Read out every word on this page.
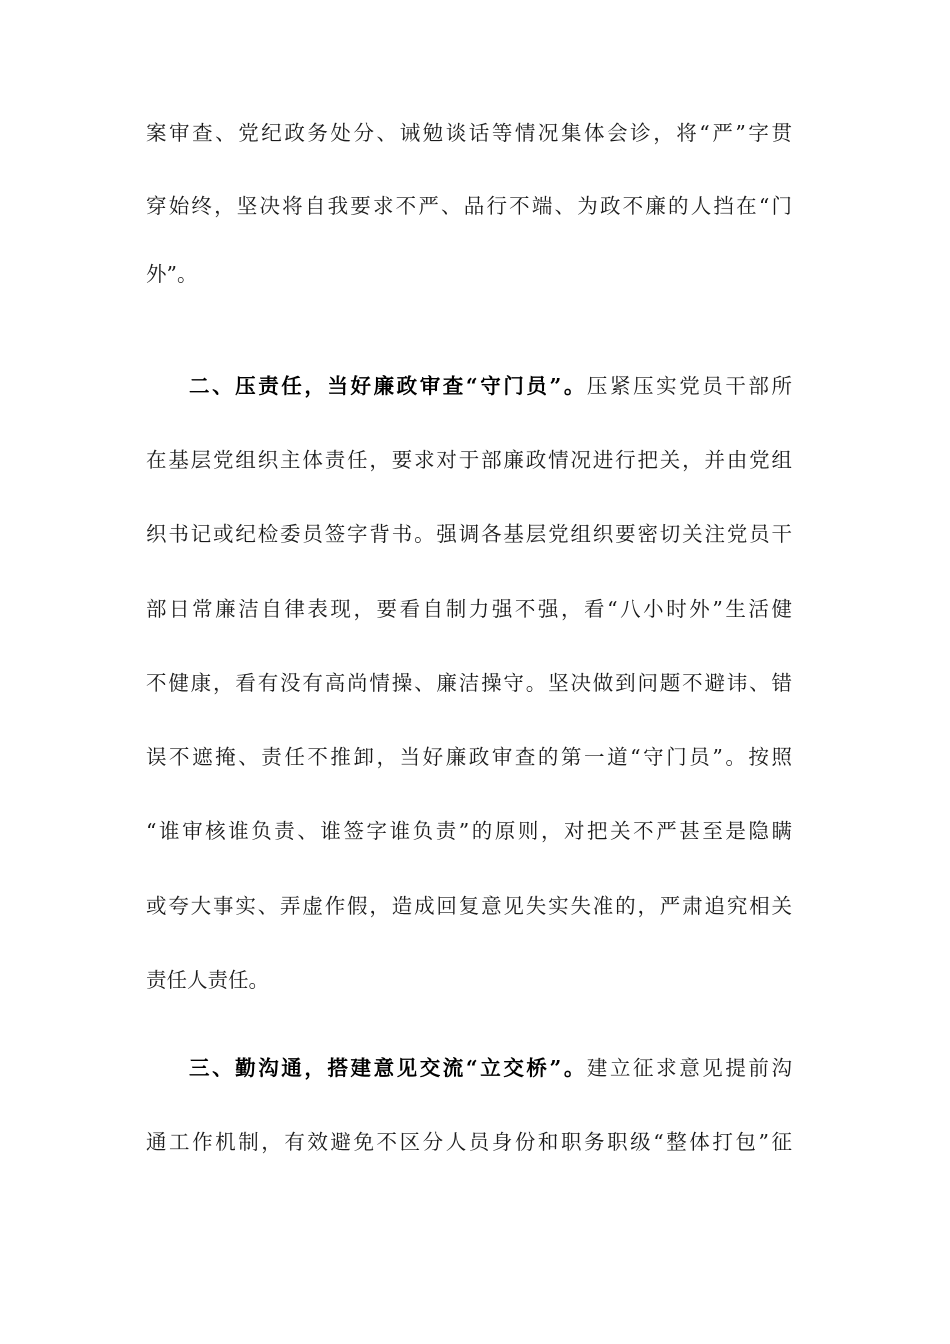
案审查、党纪政务处分、诫勉谈话等情况集体会诊，将“严”字贯
穿始终，坚决将自我要求不严、品行不端、为政不廉的人挡在“门
外”。
二、压责任，当好廉政审查“守门员”。压紧压实党员干部所
在基层党组织主体责任，要求对于部廉政情况进行把关，并由党组
织书记或纪检委员签字背书。强调各基层党组织要密切关注党员干
部日常廉洁自律表现，要看自制力强不强，看“八小时外”生活健
不健康，看有没有高尚情操、廉洁操守。坚决做到问题不避讳、错
误不遮掩、责任不推卸，当好廉政审查的第一道“守门员”。按照
“谁审核谁负责、谁签字谁负责”的原则，对把关不严甚至是隐瞒
或夸大事实、弄虚作假，造成回复意见失实失准的，严肃追究相关
责任人责任。
三、勤沟通，搭建意见交流“立交桥”。建立征求意见提前沟
通工作机制，有效避免不区分人员身份和职务职级“整体打包”征
